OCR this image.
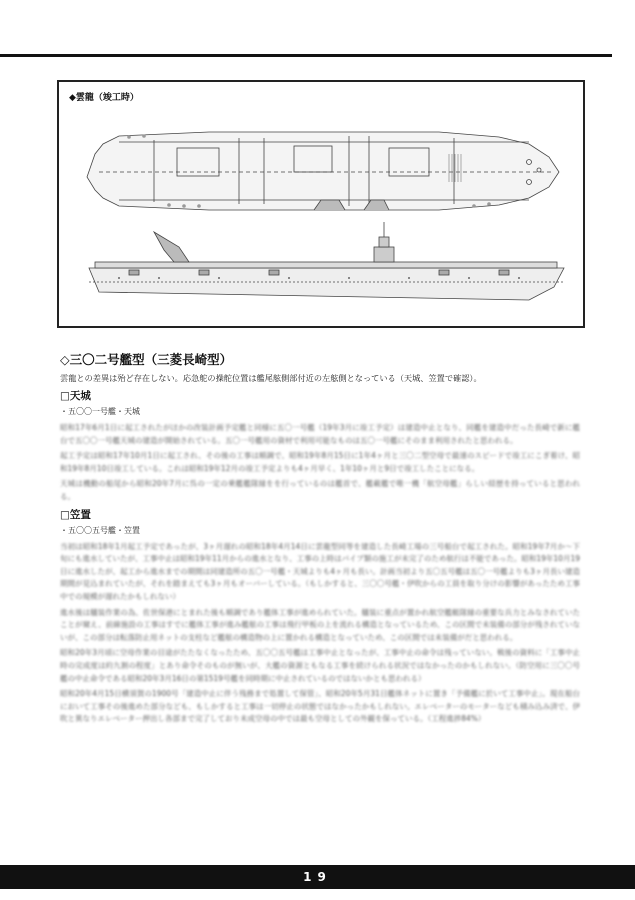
◆雲龍（竣工時）
◇三〇二号艦型（三菱長崎型）
雲龍との差異は殆ど存在しない。応急舵の操舵位置は艦尾舷側部付近の左舷側となっている（天城、笠置で確認）。
□天城
・五〇〇一号艦・天城

昭和17年6月1日に起工されたがほかの改装計画予定艦と同様に五〇一号艦（19年3月に竣工予定）は建造中止となり、同艦を建造中だった長崎で新に艦台で五〇〇一号艦天城の建造が開始されている。五〇一号艦用の資材で利用可能なものは五〇一号艦にそのまま利用されたと思われる。

起工予定は昭和17年10月1日に起工され、その後の工事は順調で、昭和19年8月15日に1年4ヶ月と三〇二型空母で最速のスピードで竣工にこぎ着け、昭和19年8月10日竣工している。これは昭和19年12月の竣工予定よりも4ヶ月早く、1年10ヶ月と9日で竣工したことになる。

天城は機動の船尾から昭和20年7月に呉の一定の乗艦艦隊縁をを行っているのは艦首で、艦載艦で唯一機「航空母艦」らしい経歴を持っていると思われる。

□笠置
・五〇〇五号艦・笠置

当初は昭和18年1月起工予定であったが、3ヶ月遅れの昭和18年4月14日に雲龍型同等を建造した長崎工場の三号船台で起工された。昭和19年7月か〜下旬にも進水していたが、工事中止は昭和19年11月からの進水となり、工事の上時はパイプ類の施工が未完了のため航行は不能であった。昭和19年10月19日に進水したが、起工から進水までの期間は同建造所の五〇一号艦・天城よりも4ヶ月も長い。計画当初より五〇五号艦は五〇一号艦よりも3ヶ月長い建造期間が見込まれていたが、それを踏まえても3ヶ月もオーバーしている。（もしかすると、三〇〇号艦・伊吹からの工員を取り分けの影響があったため工事中での規模が遅れたかもしれない）

進水後は艤装作業の為、佐世保港にとまれた後も順調であり艦体工事が進められていた。艤装に重点が置かれ航空艦艇隊縁の重要な兵力とみなされていたことが窺え、前線施設の工事はすでに艦体工事が進み艦舷の工事は飛行甲板の上を流れる構造となっているため、この区間で未装備の部分が残されていないが、この部分は転落防止用ネットの支柱など艦舷の構造物の上に置かれる構造となっていため、この区間では未装備がだと思われる。

昭和20年3月頃に空母作業の目途がたたなくなったため、五〇〇五号艦は工事中止となったが、工事中止の命令は残っていない。戦後の資料に「工事中止時の完成度は約九割の程度」とあり命令そのものが無いが、大艦の資源ともなる工事を続けられる状況ではなかったのかもしれない。（防空用に三〇〇号艦の中止命令である昭和20年3月16日の第1519号艦を同時期に中止されているのではないかとも思われる）

昭和20年4月15日横須賀の1900号「建造中止に伴う残務まで処置して保管」、昭和20年5月31日艦体ネットに置き「予備艦に於いて工事中止」。現在船台において工事その後進めた部分なども、もしかすると工事は一切停止の状態ではなかったかもしれない。エレベーターのモーターなども積み込み済で、伊吹と異なりエレベーター押出し各部まで完了しており未成空母の中では最も空母としての外観を保っている。（工程進捗84%）

19
